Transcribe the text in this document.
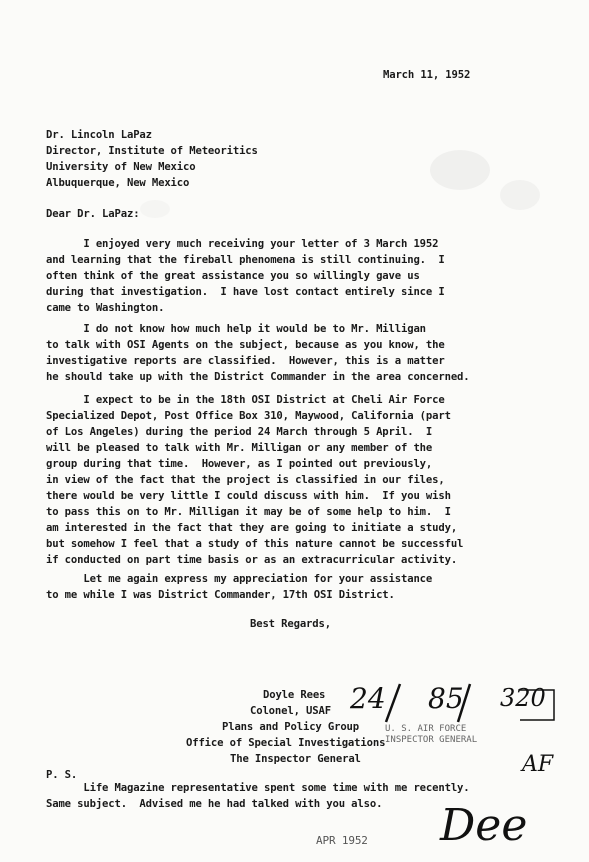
March 11, 1952
Dr. Lincoln LaPaz
Director, Institute of Meteoritics
University of New Mexico
Albuquerque, New Mexico
Dear Dr. LaPaz:
I enjoyed very much receiving your letter of 3 March 1952
and learning that the fireball phenomena is still continuing.  I
often think of the great assistance you so willingly gave us
during that investigation.  I have lost contact entirely since I
came to Washington.
I do not know how much help it would be to Mr. Milligan
to talk with OSI Agents on the subject, because as you know, the
investigative reports are classified.  However, this is a matter
he should take up with the District Commander in the area concerned.
I expect to be in the 18th OSI District at Cheli Air Force
Specialized Depot, Post Office Box 310, Maywood, California (part
of Los Angeles) during the period 24 March through 5 April.  I
will be pleased to talk with Mr. Milligan or any member of the
group during that time.  However, as I pointed out previously,
in view of the fact that the project is classified in our files,
there would be very little I could discuss with him.  If you wish
to pass this on to Mr. Milligan it may be of some help to him.  I
am interested in the fact that they are going to initiate a study,
but somehow I feel that a study of this nature cannot be successful
if conducted on part time basis or as an extracurricular activity.
Let me again express my appreciation for your assistance
to me while I was District Commander, 17th OSI District.
Best Regards,
Doyle Rees
Colonel, USAF
Plans and Policy Group
Office of Special Investigations
The Inspector General
24 85 320
U. S. AIR FORCE
INSPECTOR GENERAL
AF
P. S.
Life Magazine representative spent some time with me recently.
Same subject.  Advised me he had talked with you also.
APR 1952 Dee
